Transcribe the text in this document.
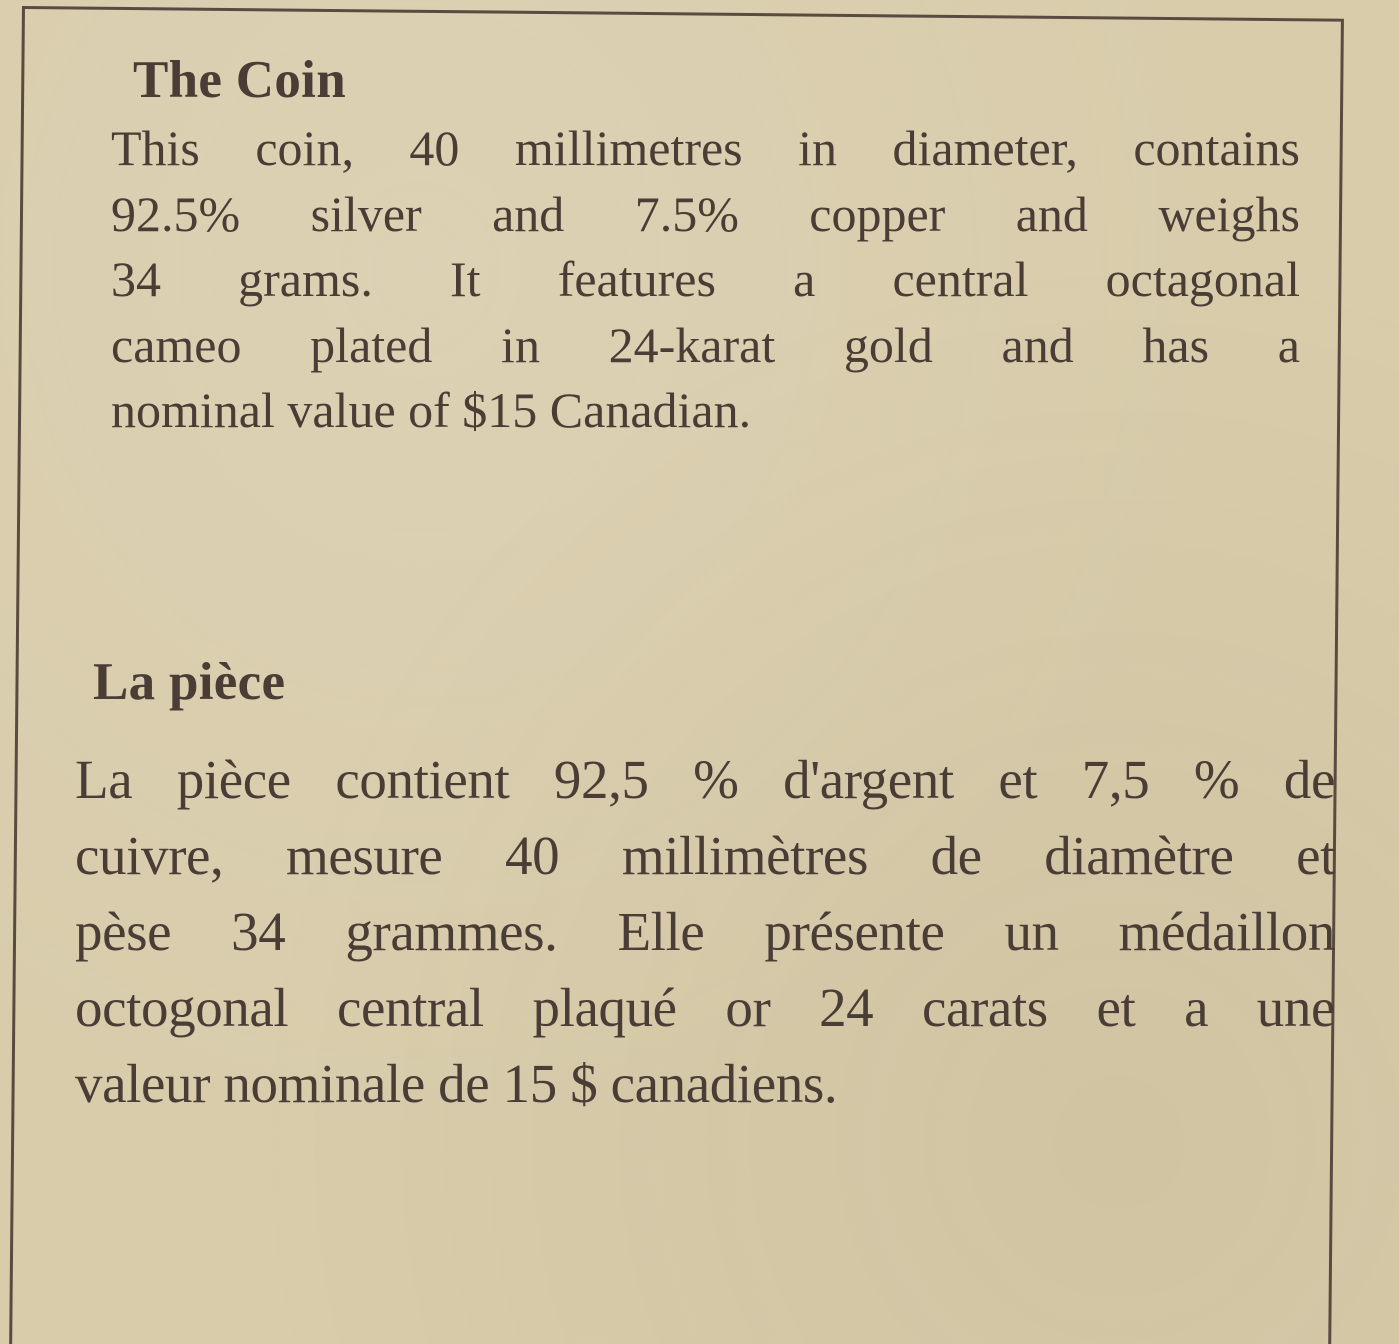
The Coin
This coin, 40 millimetres in diameter, contains
92.5% silver and 7.5% copper and weighs
34 grams. It features a central octagonal
cameo plated in 24-karat gold and has a
nominal value of $15 Canadian.
La pièce
La pièce contient 92,5 % d'argent et 7,5 % de
cuivre, mesure 40 millimètres de diamètre et
pèse 34 grammes. Elle présente un médaillon
octogonal central plaqué or 24 carats et a une
valeur nominale de 15 $ canadiens.
